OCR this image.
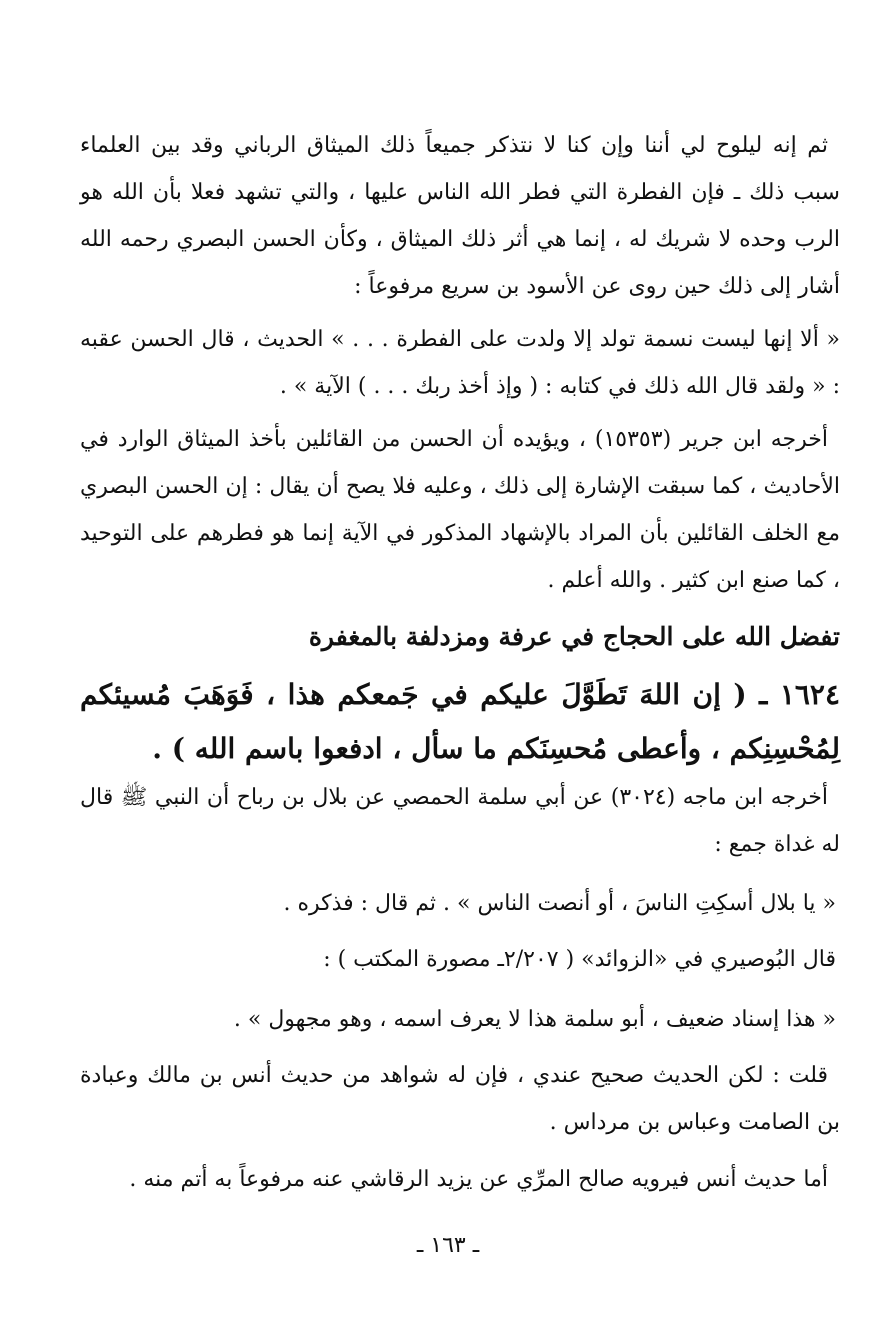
ثم إنه ليلوح لي أننا وإن كنا لا نتذكر جميعاً ذلك الميثاق الرباني وقد بين العلماء سبب ذلك ـ فإن الفطرة التي فطر الله الناس عليها ، والتي تشهد فعلا بأن الله هو الرب وحده لا شريك له ، إنما هي أثر ذلك الميثاق ، وكأن الحسن البصري رحمه الله أشار إلى ذلك حين روى عن الأسود بن سريع مرفوعاً :
« ألا إنها ليست نسمة تولد إلا ولدت على الفطرة . . . » الحديث ، قال الحسن عقبه : « ولقد قال الله ذلك في كتابه : ( وإذ أخذ ربك . . . ) الآية » .
أخرجه ابن جرير (١٥٣٥٣) ، ويؤيده أن الحسن من القائلين بأخذ الميثاق الوارد في الأحاديث ، كما سبقت الإشارة إلى ذلك ، وعليه فلا يصح أن يقال : إن الحسن البصري مع الخلف القائلين بأن المراد بالإشهاد المذكور في الآية إنما هو فطرهم على التوحيد ، كما صنع ابن كثير . والله أعلم .
تفضل الله على الحجاج في عرفة ومزدلفة بالمغفرة
١٦٢٤ ـ ( إن اللهَ تَطَوَّلَ عليكم في جَمعكم هذا ، فَوَهَبَ مُسيئكم لِمُحْسِنِكم ، وأعطى مُحسِنَكم ما سأل ، ادفعوا باسم الله ) .
أخرجه ابن ماجه (٣٠٢٤) عن أبي سلمة الحمصي عن بلال بن رباح أن النبي ﷺ قال له غداة جمع :
« يا بلال أسكِتِ الناسَ ، أو أنصت الناس » . ثم قال : فذكره .
قال البُوصيري في «الزوائد» ( ٢/٢٠٧ـ مصورة المكتب ) :
« هذا إسناد ضعيف ، أبو سلمة هذا لا يعرف اسمه ، وهو مجهول » .
قلت : لكن الحديث صحيح عندي ، فإن له شواهد من حديث أنس بن مالك وعبادة بن الصامت وعباس بن مرداس .
أما حديث أنس فيرويه صالح المرِّي عن يزيد الرقاشي عنه مرفوعاً به أتم منه .
ـ ١٦٣ ـ
